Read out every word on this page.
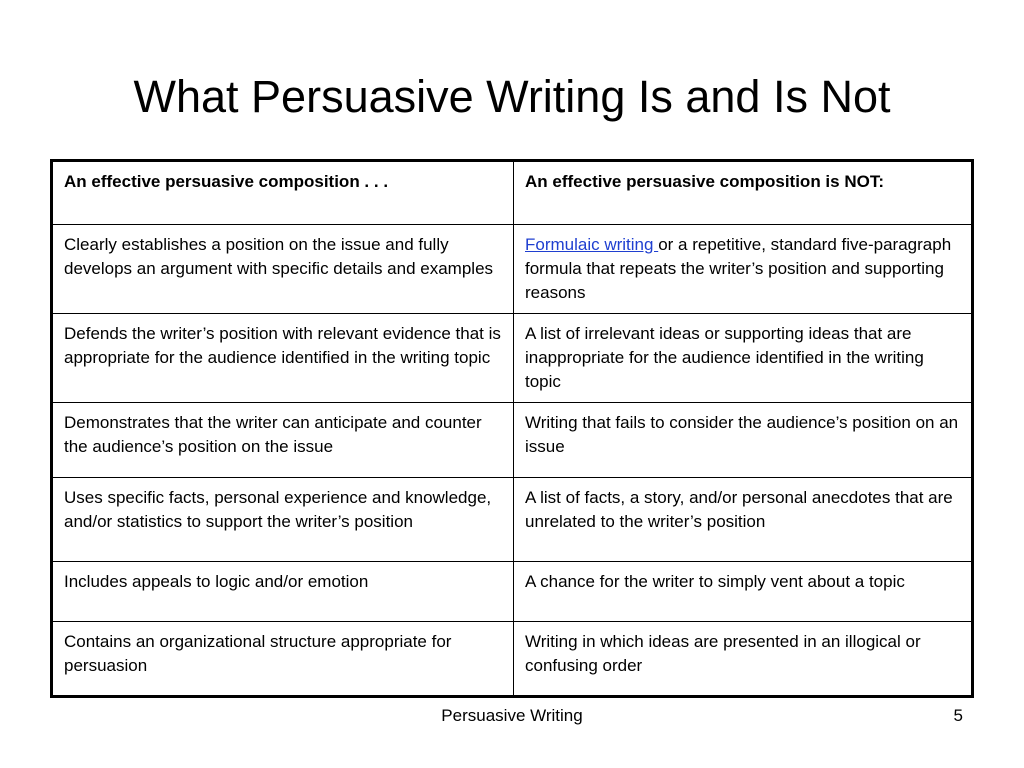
What Persuasive Writing Is and Is Not
An effective persuasive composition . . .	An effective persuasive composition is NOT:
Clearly establishes a position on the issue and fully develops an argument with specific details and examples	Formulaic writing or a repetitive, standard five-paragraph formula that repeats the writer’s position and supporting reasons
Defends the writer’s position with relevant evidence that is appropriate for the audience identified in the writing topic	A list of irrelevant ideas or supporting ideas that are inappropriate for the audience identified in the writing topic
Demonstrates that the writer can anticipate and counter the audience’s position on the issue	Writing that fails to consider the audience’s position on an issue
Uses specific facts, personal experience and knowledge, and/or statistics to support the writer’s position	A list of facts, a story, and/or personal anecdotes that are unrelated to the writer’s position
Includes appeals to logic and/or emotion	A chance for the writer to simply vent about a topic
Contains an organizational structure appropriate for persuasion	Writing in which ideas are presented in an illogical or confusing order
Persuasive Writing	5
